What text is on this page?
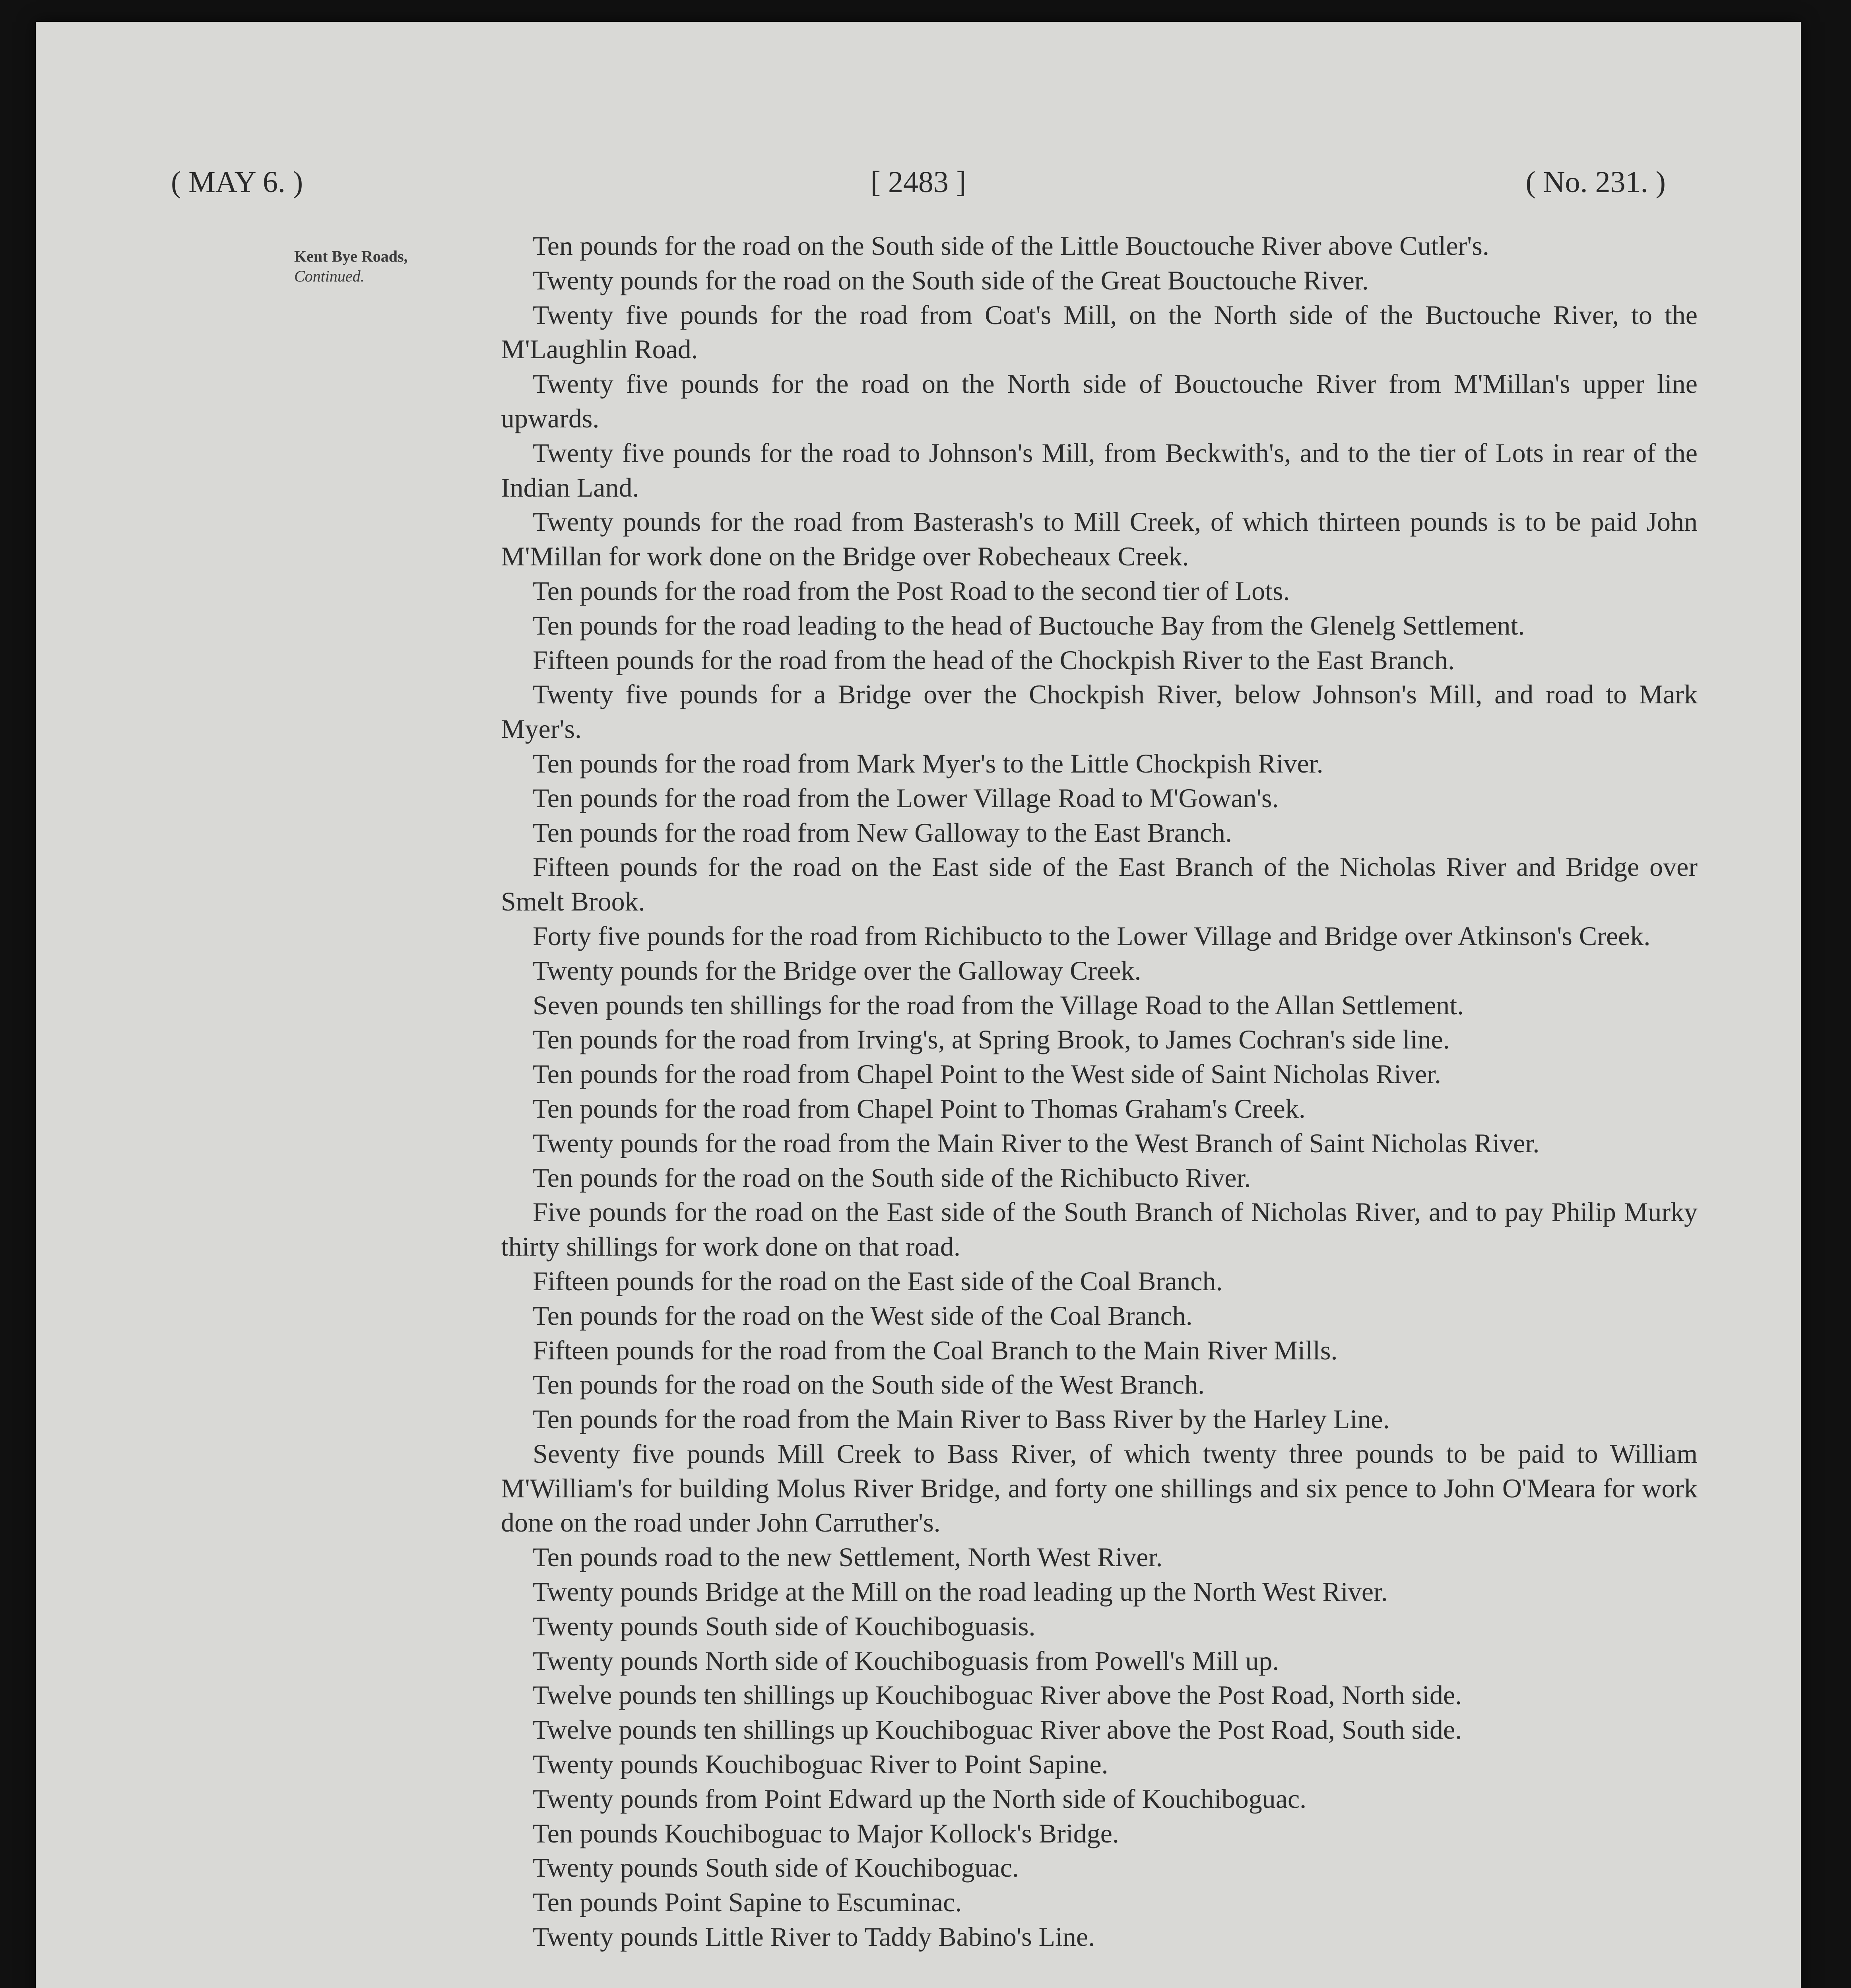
( MAY 6. )	[ 2483 ]	( No. 231. )
Kent Bye Roads,
Continued.

Ten pounds for the road on the South side of the Little Bouctouche River above Cutler's.

Twenty pounds for the road on the South side of the Great Bouctouche River.

Twenty five pounds for the road from Coat's Mill, on the North side of the Buctouche River, to the M'Laughlin Road.

Twenty five pounds for the road on the North side of Bouctouche River from M'Millan's upper line upwards.

Twenty five pounds for the road to Johnson's Mill, from Beckwith's, and to the tier of Lots in rear of the Indian Land.

Twenty pounds for the road from Basterash's to Mill Creek, of which thirteen pounds is to be paid John M'Millan for work done on the Bridge over Robecheaux Creek.

Ten pounds for the road from the Post Road to the second tier of Lots.

Ten pounds for the road leading to the head of Buctouche Bay from the Glenelg Settlement.

Fifteen pounds for the road from the head of the Chockpish River to the East Branch.

Twenty five pounds for a Bridge over the Chockpish River, below Johnson's Mill, and road to Mark Myer's.

Ten pounds for the road from Mark Myer's to the Little Chockpish River.

Ten pounds for the road from the Lower Village Road to M'Gowan's.

Ten pounds for the road from New Galloway to the East Branch.

Fifteen pounds for the road on the East side of the East Branch of the Nicholas River and Bridge over Smelt Brook.

Forty five pounds for the road from Richibucto to the Lower Village and Bridge over Atkinson's Creek.

Twenty pounds for the Bridge over the Galloway Creek.

Seven pounds ten shillings for the road from the Village Road to the Allan Settlement.

Ten pounds for the road from Irving's, at Spring Brook, to James Cochran's side line.

Ten pounds for the road from Chapel Point to the West side of Saint Nicholas River.

Ten pounds for the road from Chapel Point to Thomas Graham's Creek.

Twenty pounds for the road from the Main River to the West Branch of Saint Nicholas River.

Ten pounds for the road on the South side of the Richibucto River.

Five pounds for the road on the East side of the South Branch of Nicholas River, and to pay Philip Murky thirty shillings for work done on that road.

Fifteen pounds for the road on the East side of the Coal Branch.

Ten pounds for the road on the West side of the Coal Branch.

Fifteen pounds for the road from the Coal Branch to the Main River Mills.

Ten pounds for the road on the South side of the West Branch.

Ten pounds for the road from the Main River to Bass River by the Harley Line.

Seventy five pounds Mill Creek to Bass River, of which twenty three pounds to be paid to William M'William's for building Molus River Bridge, and forty one shillings and six pence to John O'Meara for work done on the road under John Carruther's.

Ten pounds road to the new Settlement, North West River.

Twenty pounds Bridge at the Mill on the road leading up the North West River.

Twenty pounds South side of Kouchiboguasis.

Twenty pounds North side of Kouchiboguasis from Powell's Mill up.

Twelve pounds ten shillings up Kouchiboguac River above the Post Road, North side.

Twelve pounds ten shillings up Kouchiboguac River above the Post Road, South side.

Twenty pounds Kouchiboguac River to Point Sapine.

Twenty pounds from Point Edward up the North side of Kouchiboguac.

Ten pounds Kouchiboguac to Major Kollock's Bridge.

Twenty pounds South side of Kouchiboguac.

Ten pounds Point Sapine to Escuminac.

Twenty pounds Little River to Taddy Babino's Line.
